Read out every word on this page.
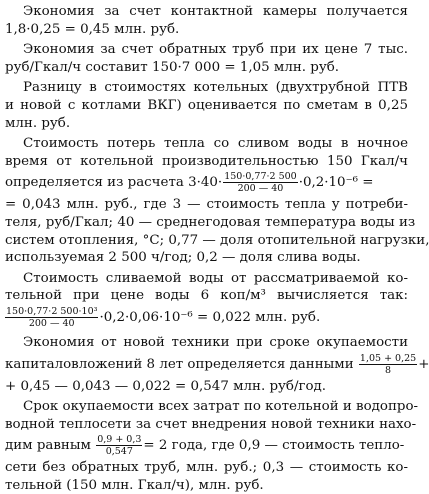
Экономия за счет контактной камеры получается
1,8·0,25 = 0,45 млн. руб.
Экономия за счет обратных труб при их цене 7 тыс.
руб/Гкал/ч составит 150·7 000 = 1,05 млн. руб.
Разницу в стоимостях котельных (двухтрубной ПТВ
и новой с котлами ВКГ) оценивается по сметам в 0,25
млн. руб.
Стоимость потерь тепла со сливом воды в ночное
время от котельной производительностью 150 Гкал/ч
определяется из расчета $3\cdot 40\cdot \frac{150\cdot 0,77\cdot 2 500}{200 — 40} \cdot 0,2\cdot 10^{-6}$ =
= 0,043 млн. руб., где 3 — стоимость тепла у потреби-
теля, руб/Гкал; 40 — среднегодовая температура воды из
систем отопления, °С; 0,77 — доля отопительной нагрузки,
используемая 2 500 ч/год; 0,2 — доля слива воды.
Стоимость сливаемой воды от рассматриваемой ко-
тельной при цене воды 6 коп/м³ вычисляется так:
$\frac{\text{150·0,77·2 500·10³}}{200 — 40} \cdot 0,2\cdot 0,06\cdot 10^{-6} = 0,022$ млн. руб.
Экономия от новой техники при сроке окупаемости
капиталовложений 8 лет определяется данными $\frac{1,05 + 0,25}{8}$ +
+ 0,45 — 0,043 — 0,022 = 0,547 млн. руб/год.
Срок окупаемости всех затрат по котельной и водопро-
водной теплосети за счет внедрения новой техники нахо-
дим равным $\frac{0,9 + 0,3}{0,547} = 2$ года, где 0,9 — стоимость тепло-
сети без обратных труб, млн. руб.; 0,3 — стоимость ко-
тельной (150 млн. Гкал/ч), млн. руб.
